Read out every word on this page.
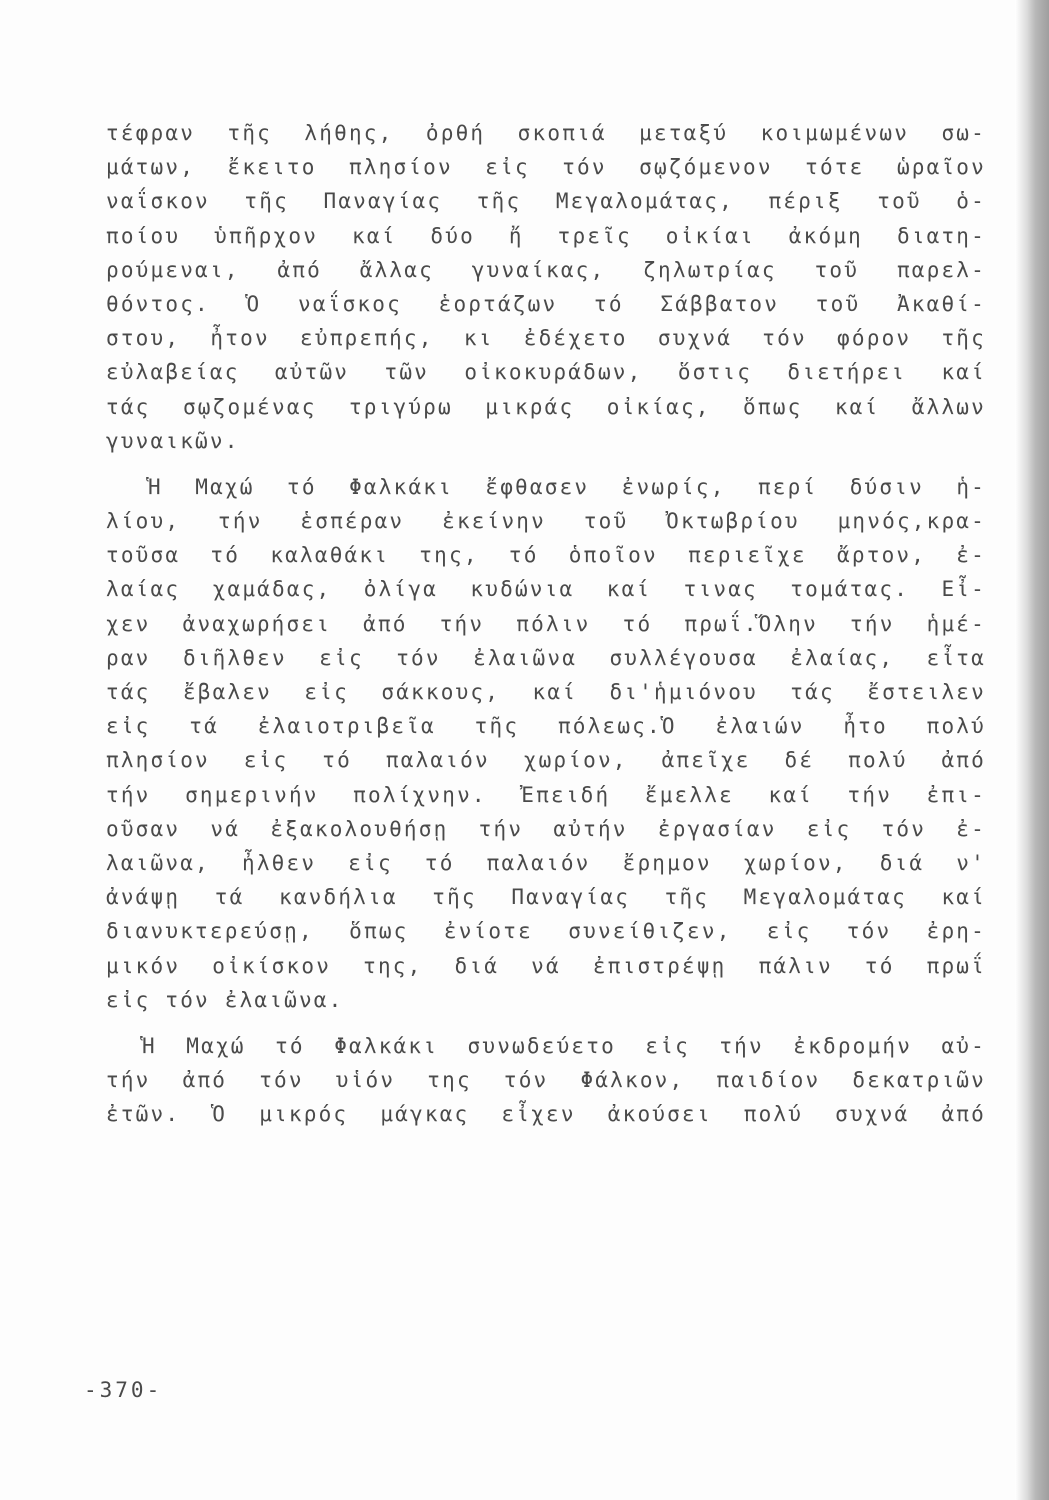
τέφραν τῆς λήθης, ὀρθή σκοπιά μεταξύ κοιμωμένων σω-
μάτων, ἔκειτο πλησίον εἰς τόν σῳζόμενον τότε ὡραῖον
ναΐσκον τῆς Παναγίας τῆς Μεγαλομάτας, πέριξ τοῦ ὁ-
ποίου ὑπῆρχον καί δύο ἤ τρεῖς οἰκίαι ἀκόμη διατη-
ρούμεναι, ἀπό ἄλλας γυναίκας, ζηλωτρίας τοῦ παρελ-
θόντος. Ὁ ναΐσκος ἑορτάζων τό Σάββατον τοῦ Ἀκαθί-
στου, ἦτον εὐπρεπής, κι ἐδέχετο συχνά τόν φόρον τῆς
εὐλαβείας αὐτῶν τῶν οἰκοκυράδων, ὅστις διετήρει καί
τάς σῳζομένας τριγύρω μικράς οἰκίας, ὅπως καί ἄλλων
γυναικῶν.
Ἡ Μαχώ τό Φαλκάκι ἔφθασεν ἐνωρίς, περί δύσιν ἡ-
λίου, τήν ἑσπέραν ἐκείνην τοῦ Ὀκτωβρίου μηνός,κρα-
τοῦσα τό καλαθάκι της, τό ὁποῖον περιεῖχε ἄρτον, ἐ-
λαίας χαμάδας, ὀλίγα κυδώνια καί τινας τομάτας. Εἶ-
χεν ἀναχωρήσει ἀπό τήν πόλιν τό πρωΐ.Ὅλην τήν ἡμέ-
ραν διῆλθεν εἰς τόν ἐλαιῶνα συλλέγουσα ἐλαίας, εἶτα
τάς ἔβαλεν εἰς σάκκους, καί δι'ἡμιόνου τάς ἔστειλεν
εἰς τά ἐλαιοτριβεῖα τῆς πόλεως.Ὁ ἐλαιών ἦτο πολύ
πλησίον εἰς τό παλαιόν χωρίον, ἀπεῖχε δέ πολύ ἀπό
τήν σημερινήν πολίχνην. Ἐπειδή ἔμελλε καί τήν ἐπι-
οῦσαν νά ἐξακολουθήσῃ τήν αὐτήν ἐργασίαν εἰς τόν ἐ-
λαιῶνα, ἦλθεν εἰς τό παλαιόν ἔρημον χωρίον, διά ν'
ἀνάψῃ τά κανδήλια τῆς Παναγίας τῆς Μεγαλομάτας καί
διανυκτερεύσῃ, ὅπως ἐνίοτε συνείθιζεν, εἰς τόν ἐρη-
μικόν οἰκίσκον της, διά νά ἐπιστρέψῃ πάλιν τό πρωΐ
εἰς τόν ἐλαιῶνα.
Ἡ Μαχώ τό Φαλκάκι συνωδεύετο εἰς τήν ἐκδρομήν αὐ-
τήν ἀπό τόν υἱόν της τόν Φάλκον, παιδίον δεκατριῶν
ἐτῶν. Ὁ μικρός μάγκας εἶχεν ἀκούσει πολύ συχνά ἀπό
-370-
